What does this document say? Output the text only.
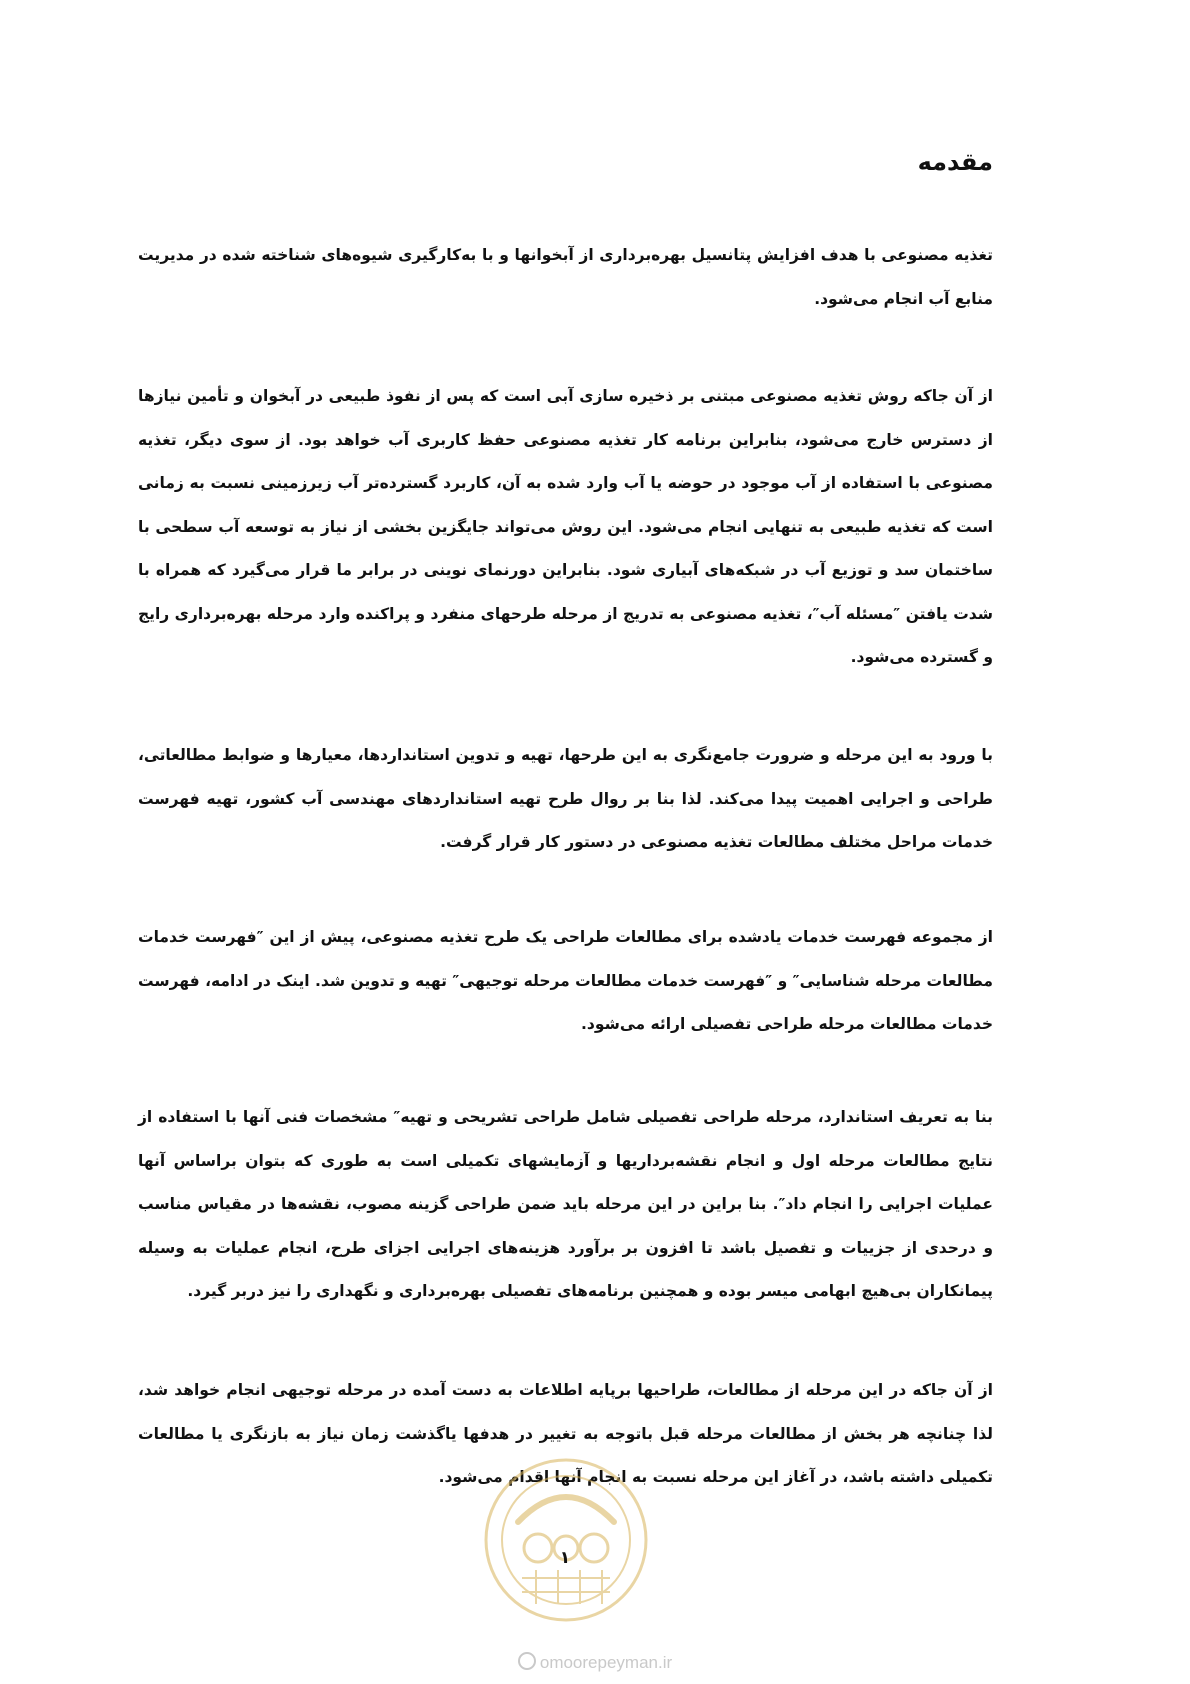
مقدمه

تغذیه مصنوعی با هدف افزایش پتانسیل بهره‌برداری از آبخوانها و با به‌کارگیری شیوه‌های شناخته شده در مدیریت منابع آب انجام می‌شود.

از آن جاکه روش تغذیه مصنوعی مبتنی بر ذخیره سازی آبی است که پس از نفوذ طبیعی در آبخوان و تأمین نیازها از دسترس خارج می‌شود، بنابراین برنامه کار تغذیه مصنوعی حفظ کاربری آب خواهد بود. از سوی دیگر، تغذیه مصنوعی با استفاده از آب موجود در حوضه یا آب وارد شده به آن، کاربرد گسترده‌تر آب زیرزمینی نسبت به زمانی است که تغذیه طبیعی به تنهایی انجام می‌شود. این روش می‌تواند جایگزین بخشی از نیاز به توسعه آب سطحی با ساختمان سد و توزیع آب در شبکه‌های آبیاری شود. بنابراین دورنمای نوینی در برابر ما قرار می‌گیرد که همراه با شدت یافتن ″مسئله آب″، تغذیه مصنوعی به تدریج از مرحله طرحهای منفرد و پراکنده وارد مرحله بهره‌برداری رایج و گسترده می‌شود.

با ورود به این مرحله و ضرورت جامع‌نگری به این طرحها، تهیه و تدوین استانداردها، معیارها و ضوابط مطالعاتی، طراحی و اجرایی اهمیت پیدا می‌کند. لذا بنا بر روال طرح تهیه استانداردهای مهندسی آب کشور، تهیه فهرست خدمات مراحل مختلف مطالعات تغذیه مصنوعی در دستور کار قرار گرفت.

از مجموعه فهرست خدمات یادشده برای مطالعات طراحی یک طرح تغذیه مصنوعی، پیش از این ″فهرست خدمات مطالعات مرحله شناسایی″ و ″فهرست خدمات مطالعات مرحله توجیهی″ تهیه و تدوین شد. اینک در ادامه، فهرست خدمات مطالعات مرحله طراحی تفصیلی ارائه می‌شود.

بنا به تعریف استاندارد، مرحله طراحی تفصیلی شامل طراحی تشریحی و تهیه″ مشخصات فنی آنها با استفاده از نتایج مطالعات مرحله اول و انجام نقشه‌برداریها و آزمایشهای تکمیلی است به طوری که بتوان براساس آنها عملیات اجرایی را انجام داد″. بنا براین در این مرحله باید ضمن طراحی گزینه مصوب، نقشه‌ها در مقیاس مناسب و درحدی از جزییات و تفصیل باشد تا افزون بر برآورد هزینه‌های اجرایی اجزای طرح، انجام عملیات به وسیله پیمانکاران بی‌هیچ ابهامی میسر بوده و همچنین برنامه‌های تفصیلی بهره‌برداری و نگهداری را نیز دربر گیرد.

از آن جاکه در این مرحله از مطالعات، طراحیها برپایه اطلاعات به دست آمده در مرحله توجیهی انجام خواهد شد، لذا چنانچه هر بخش از مطالعات مرحله قبل باتوجه به تغییر در هدفها یاگذشت زمان نیاز به بازنگری یا مطالعات تکمیلی داشته باشد، در آغاز این مرحله نسبت به انجام آنها اقدام می‌شود.

۱
omoorepeyman.ir
